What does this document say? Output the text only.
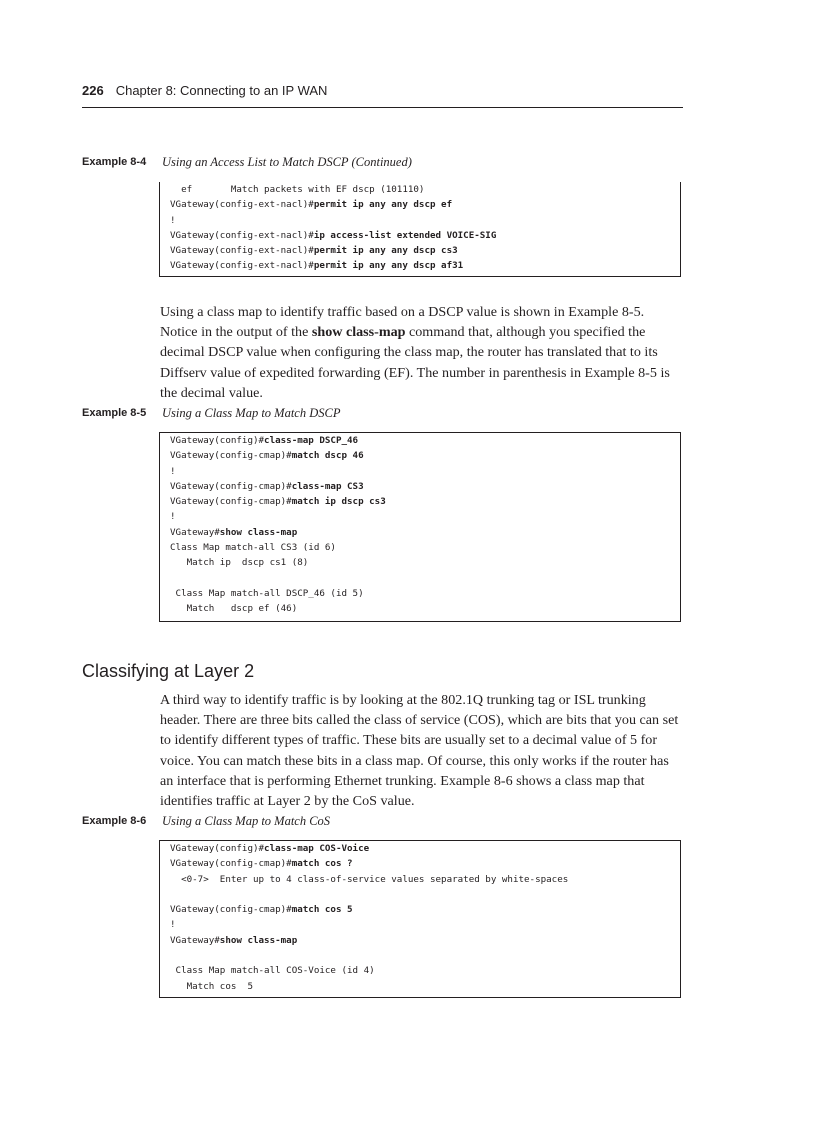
226 Chapter 8: Connecting to an IP WAN
Example 8-4 Using an Access List to Match DSCP (Continued)
ef       Match packets with EF dscp (101110)
VGateway(config-ext-nacl)#permit ip any any dscp ef
!
VGateway(config-ext-nacl)#ip access-list extended VOICE-SIG
VGateway(config-ext-nacl)#permit ip any any dscp cs3
VGateway(config-ext-nacl)#permit ip any any dscp af31
Using a class map to identify traffic based on a DSCP value is shown in Example 8-5. Notice in the output of the show class-map command that, although you specified the decimal DSCP value when configuring the class map, the router has translated that to its Diffserv value of expedited forwarding (EF). The number in parenthesis in Example 8-5 is the decimal value.
Example 8-5 Using a Class Map to Match DSCP
VGateway(config)#class-map DSCP_46
VGateway(config-cmap)#match dscp 46
!
VGateway(config-cmap)#class-map CS3
VGateway(config-cmap)#match ip dscp cs3
!
VGateway#show class-map
Class Map match-all CS3 (id 6)
Match ip  dscp cs1 (8)
Class Map match-all DSCP_46 (id 5)
Match   dscp ef (46)
Classifying at Layer 2
A third way to identify traffic is by looking at the 802.1Q trunking tag or ISL trunking header. There are three bits called the class of service (COS), which are bits that you can set to identify different types of traffic. These bits are usually set to a decimal value of 5 for voice. You can match these bits in a class map. Of course, this only works if the router has an interface that is performing Ethernet trunking. Example 8-6 shows a class map that identifies traffic at Layer 2 by the CoS value.
Example 8-6 Using a Class Map to Match CoS
VGateway(config)#class-map COS-Voice
VGateway(config-cmap)#match cos ?
<0-7>  Enter up to 4 class-of-service values separated by white-spaces
VGateway(config-cmap)#match cos 5
!
VGateway#show class-map
Class Map match-all COS-Voice (id 4)
Match cos  5
